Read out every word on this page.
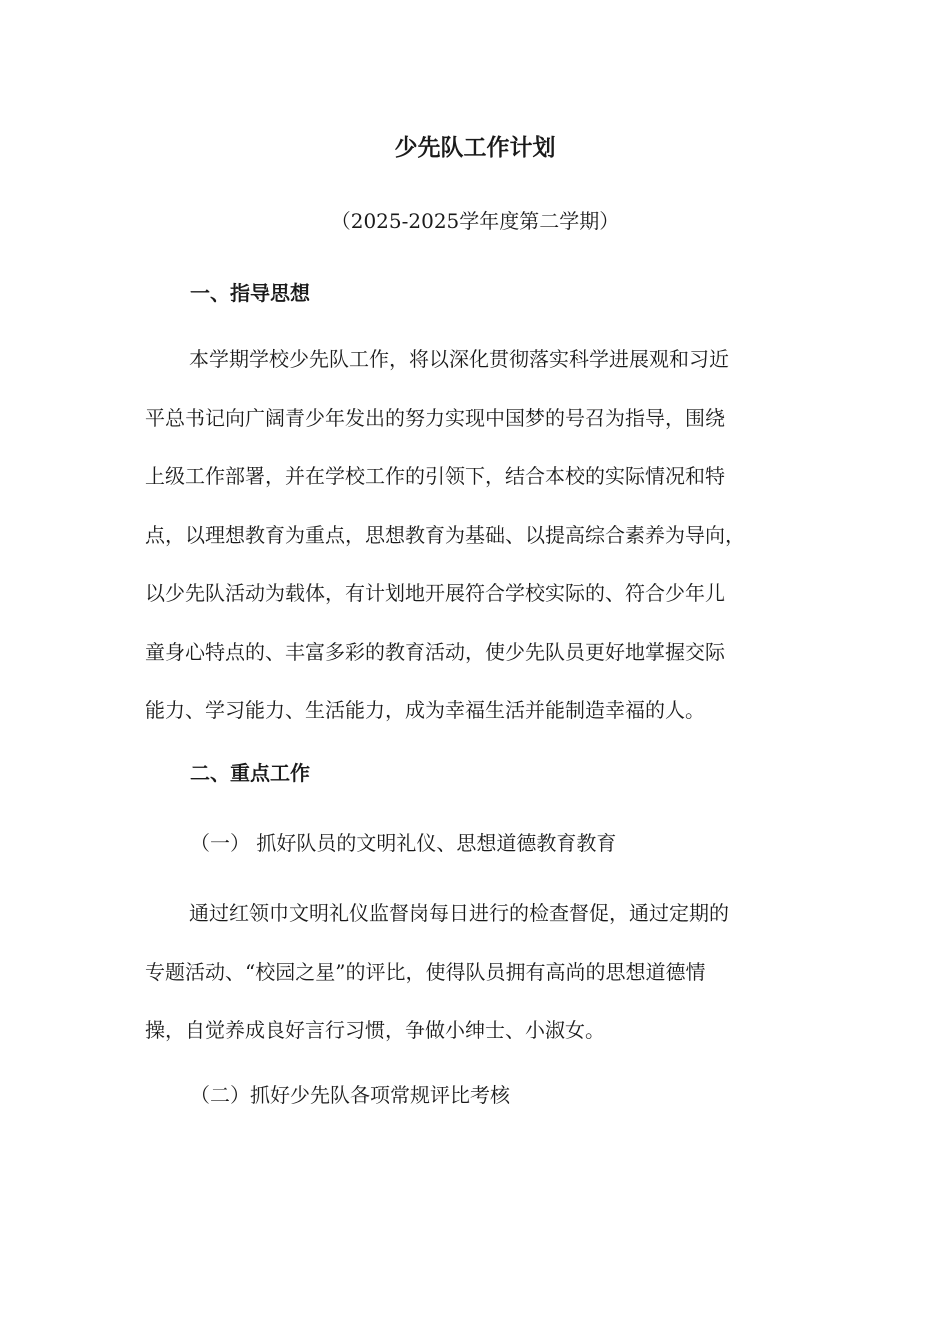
少先队工作计划
（2025-2025学年度第二学期）
一、指导思想
本学期学校少先队工作，将以深化贯彻落实科学进展观和习近
平总书记向广阔青少年发出的努力实现中国梦的号召为指导，围绕
上级工作部署，并在学校工作的引领下，结合本校的实际情况和特
点，以理想教育为重点，思想教育为基础、以提高综合素养为导向，
以少先队活动为载体，有计划地开展符合学校实际的、符合少年儿
童身心特点的、丰富多彩的教育活动，使少先队员更好地掌握交际
能力、学习能力、生活能力，成为幸福生活并能制造幸福的人。
二、重点工作
（一） 抓好队员的文明礼仪、思想道德教育教育
通过红领巾文明礼仪监督岗每日进行的检查督促，通过定期的
专题活动、“校园之星”的评比，使得队员拥有高尚的思想道德情
操，自觉养成良好言行习惯，争做小绅士、小淑女。
（二）抓好少先队各项常规评比考核
